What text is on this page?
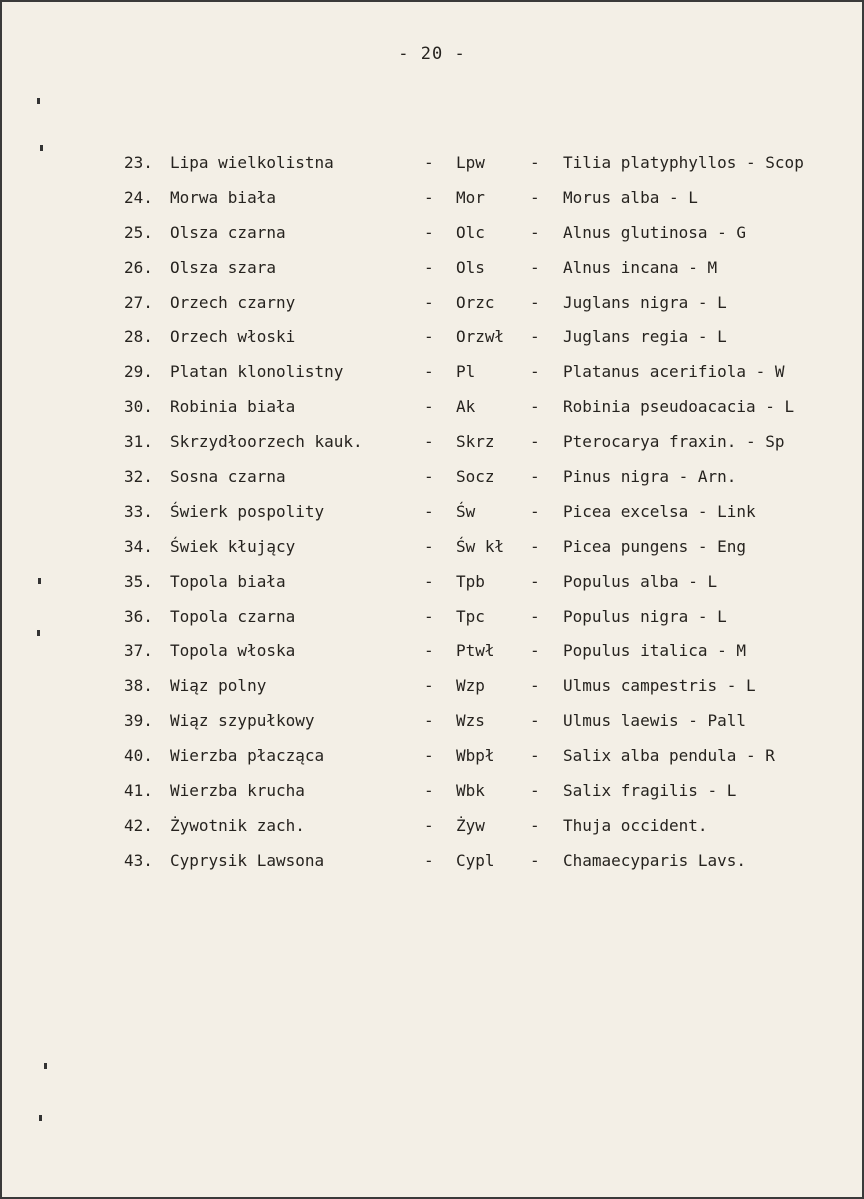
- 20 -
23. Lipa wielkolistna	- Lpw	- Tilia platyphyllos - Scop
24. Morwa biała	- Mor	- Morus alba - L
25. Olsza czarna	- Olc	- Alnus glutinosa - G
26. Olsza szara	- Ols	- Alnus incana - M
27. Orzech czarny	- Orzc - Juglans nigra - L
28. Orzech włoski	- Orzwł - Juglans regia - L
29. Platan klonolistny	- Pl	- Platanus acerifiola - W
30. Robinia biała	- Ak	- Robinia pseudoacacia - L
31. Skrzydłoorzech kauk.	- Skrz - Pterocarya fraxin. - Sp
32. Sosna czarna	- Socz - Pinus nigra - Arn.
33. Świerk pospolity	- Św	- Picea excelsa - Link
34. Świek kłujący	- Św kł - Picea pungens - Eng
35. Topola biała	- Tpb	- Populus alba - L
36. Topola czarna	- Tpc	- Populus nigra - L
37. Topola włoska	- Ptwł - Populus italica - M
38. Wiąz polny	- Wzp	- Ulmus campestris - L
39. Wiąz szypułkowy	- Wzs	- Ulmus laewis - Pall
40. Wierzba płacząca	- Wbpł - Salix alba pendula - R
41. Wierzba krucha	- Wbk	- Salix fragilis - L
42. Żywotnik zach.	- Żyw	- Thuja occident.
43. Cyprysik Lawsona	- Cypl - Chamaecyparis Lavs.
